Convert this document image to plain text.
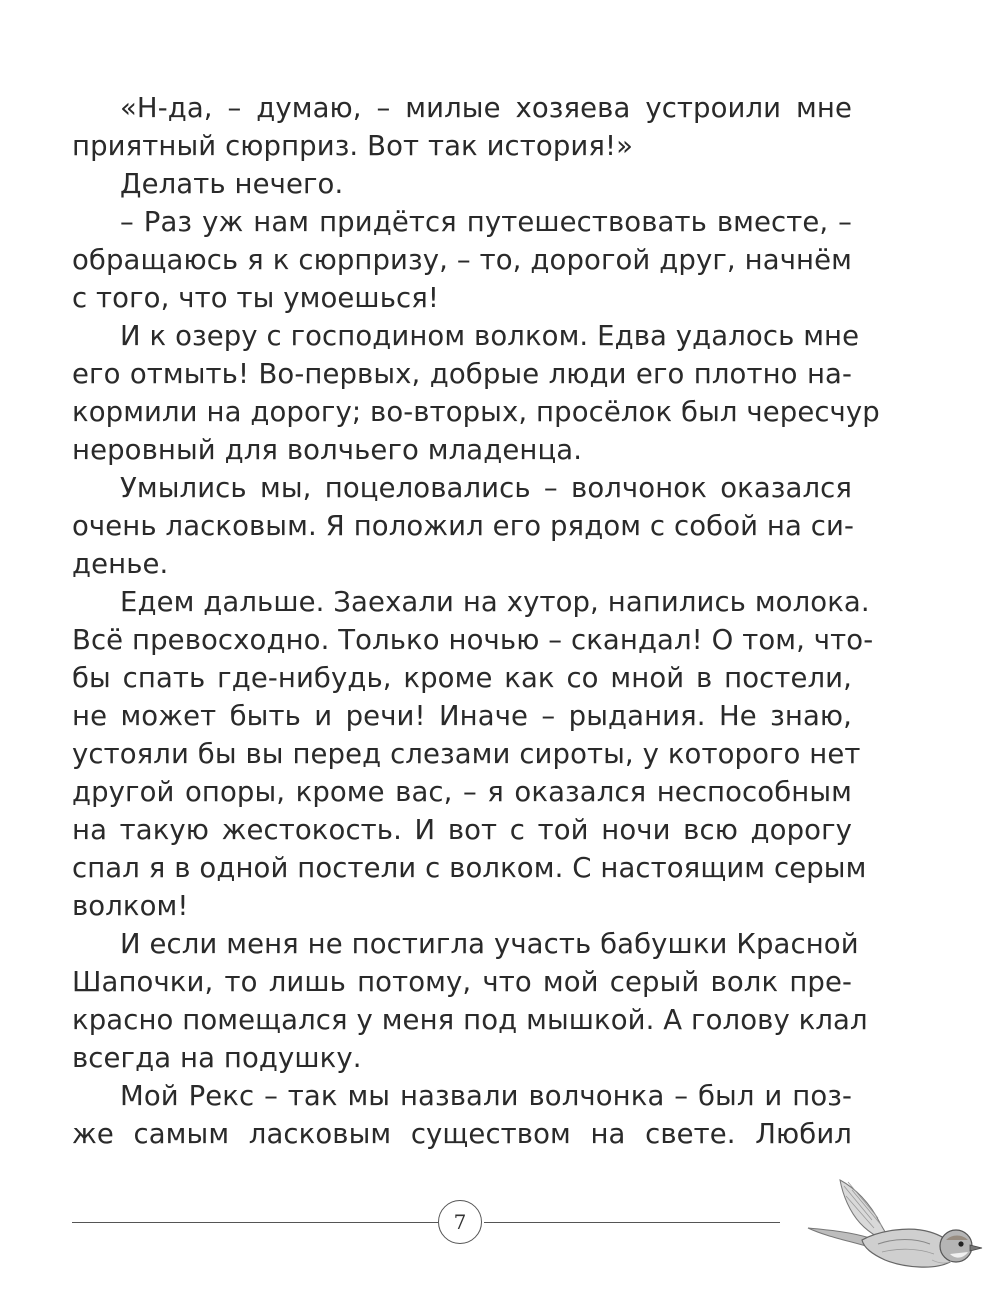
«Н-да, – думаю, – милые хозяева устроили мне
приятный сюрприз. Вот так история!»
Делать нечего.
– Раз уж нам придётся путешествовать вместе, –
обращаюсь я к сюрпризу, – то, дорогой друг, начнём
с того, что ты умоешься!
И к озеру с господином волком. Едва удалось мне
его отмыть! Во-первых, добрые люди его плотно на-
кормили на дорогу; во-вторых, просёлок был чересчур
неровный для волчьего младенца.
Умылись мы, поцеловались – волчонок оказался
очень ласковым. Я положил его рядом с собой на си-
денье.
Едем дальше. Заехали на хутор, напились молока.
Всё превосходно. Только ночью – скандал! О том, что-
бы спать где-нибудь, кроме как со мной в постели,
не может быть и речи! Иначе – рыдания. Не знаю,
устояли бы вы перед слезами сироты, у которого нет
другой опоры, кроме вас, – я оказался неспособным
на такую жестокость. И вот с той ночи всю дорогу
спал я в одной постели с волком. С настоящим серым
волком!
И если меня не постигла участь бабушки Красной
Шапочки, то лишь потому, что мой серый волк пре-
красно помещался у меня под мышкой. А голову клал
всегда на подушку.
Мой Рекс – так мы назвали волчонка – был и поз-
же самым ласковым существом на свете. Любил
7
